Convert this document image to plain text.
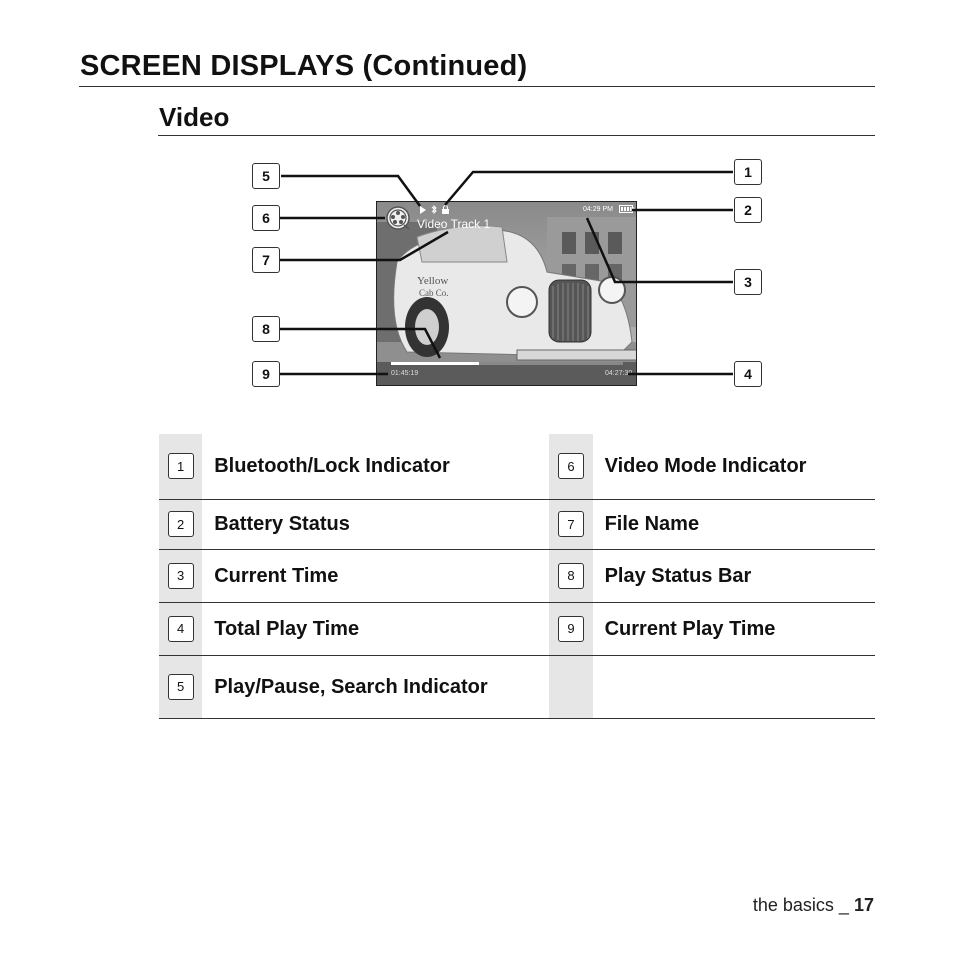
SCREEN DISPLAYS (Continued)
Video
Yellow
Cab Co.
Video Track 1
04:29 PM
01:45:19	04:27:30
5	1
6	2
7
3
8
9	4
1	Bluetooth/Lock Indicator	6	Video Mode Indicator
2	Battery Status	7	File Name
3	Current Time	8	Play Status Bar
4	Total Play Time	9	Current Play Time
5	Play/Pause, Search Indicator		
the basics _ 17
